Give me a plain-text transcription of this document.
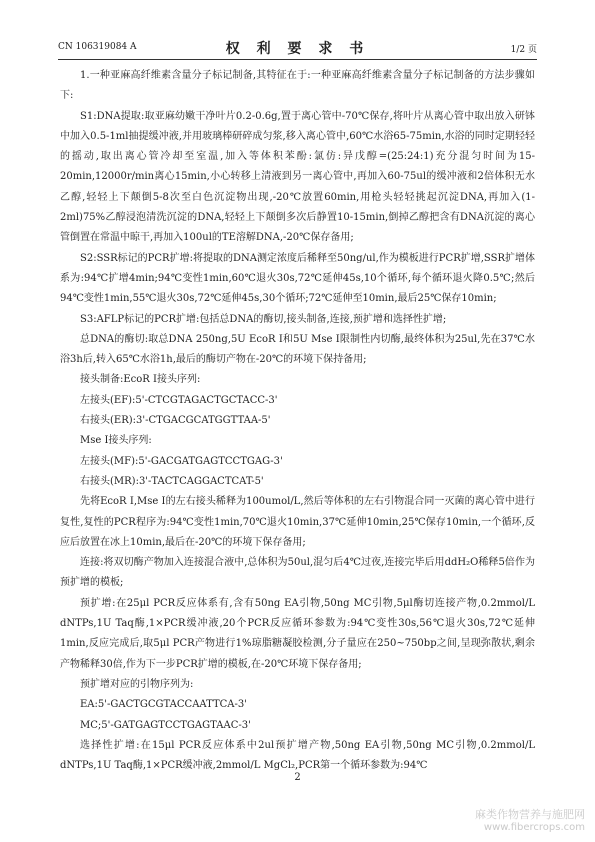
CN 106319084 A	权 利 要 求 书	1/2 页

1.一种亚麻高纤维素含量分子标记制备,其特征在于:一种亚麻高纤维素含量分子标记制备的方法步骤如下:

S1:DNA提取:取亚麻幼嫩干净叶片0.2-0.6g,置于离心管中-70℃保存,将叶片从离心管中取出放入研钵中加入0.5-1ml抽提缓冲液,并用玻璃棒研碎成匀浆,移入离心管中,60℃水浴65-75min,水浴的同时定期轻轻的摇动,取出离心管冷却至室温,加入等体积苯酚:氯仿:异戊醇=(25:24:1)充分混匀时间为15-20min,12000r/min离心15min,小心转移上清液到另一离心管中,再加入60-75ul的缓冲液和2倍体积无水乙醇,轻轻上下颠倒5-8次至白色沉淀物出现,-20℃放置60min,用枪头轻轻挑起沉淀DNA,再加入(1-2ml)75%乙醇浸泡清洗沉淀的DNA,轻轻上下颠倒多次后静置10-15min,倒掉乙醇把含有DNA沉淀的离心管倒置在常温中晾干,再加入100ul的TE溶解DNA,-20℃保存备用;

S2:SSR标记的PCR扩增:将提取的DNA测定浓度后稀释至50ng/ul,作为模板进行PCR扩增,SSR扩增体系为:94℃扩增4min;94℃变性1min,60℃退火30s,72℃延伸45s,10个循环,每个循环退火降0.5℃;然后94℃变性1min,55℃退火30s,72℃延伸45s,30个循环;72℃延伸至10min,最后25℃保存10min;

S3:AFLP标记的PCR扩增:包括总DNA的酶切,接头制备,连接,预扩增和选择性扩增;

总DNA的酶切:取总DNA 250ng,5U EcoR Ⅰ和5U Mse Ⅰ限制性内切酶,最终体积为25ul,先在37℃水浴3h后,转入65℃水浴1h,最后的酶切产物在-20℃的环境下保持备用;

接头制备:EcoR Ⅰ接头序列:

左接头(EF):5'-CTCGTAGACTGCTACC-3'

右接头(ER):3'-CTGACGCATGGTTAA-5'

Mse Ⅰ接头序列:

左接头(MF):5'-GACGATGAGTCCTGAG-3'

右接头(MR):3'-TACTCAGGACTCAT-5'

先将EcoR Ⅰ,Mse Ⅰ的左右接头稀释为100umol/L,然后等体积的左右引物混合同一灭菌的离心管中进行复性,复性的PCR程序为:94℃变性1min,70℃退火10min,37℃延伸10min,25℃保存10min,一个循环,反应后放置在冰上10min,最后在-20℃的环境下保存备用;

连接:将双切酶产物加入连接混合液中,总体积为50ul,混匀后4℃过夜,连接完毕后用ddH₂O稀释5倍作为预扩增的模板;

预扩增:在25μl PCR反应体系有,含有50ng EA引物,50ng MC引物,5μl酶切连接产物,0.2mmol/L dNTPs,1U Taq酶,1×PCR缓冲液,20个PCR反应循环参数为:94℃变性30s,56℃退火30s,72℃延伸1min,反应完成后,取5μl PCR产物进行1%琼脂糖凝胶检测,分子量应在250~750bp之间,呈现弥散状,剩余产物稀释30倍,作为下一步PCR扩增的模板,在-20℃环境下保存备用;

预扩增对应的引物序列为:

EA:5'-GACTGCGTACCAATTCA-3'

MC;5'-GATGAGTCCTGAGTAAC-3'

选择性扩增:在15μl PCR反应体系中2ul预扩增产物,50ng EA引物,50ng MC引物,0.2mmol/L dNTPs,1U Taq酶,1×PCR缓冲液,2mmol/L MgCl₂,PCR第一个循环参数为:94℃

2
麻类作物营养与施肥网
www.fibercrops.com
